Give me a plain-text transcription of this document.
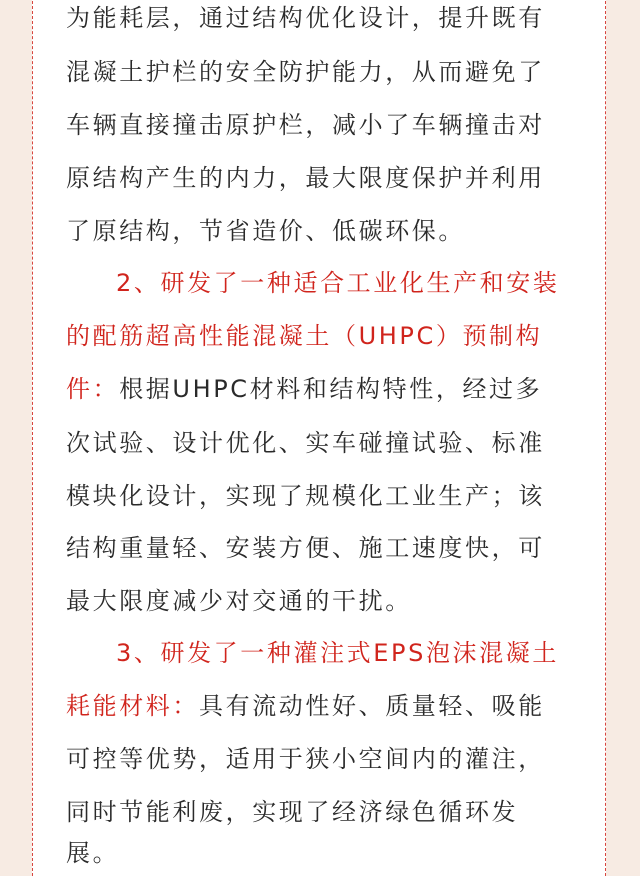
为能耗层，通过结构优化设计，提升既有
混凝土护栏的安全防护能力，从而避免了
车辆直接撞击原护栏，减小了车辆撞击对
原结构产生的内力，最大限度保护并利用
了原结构，节省造价、低碳环保。
2、研发了一种适合工业化生产和安装
的配筋超高性能混凝土（UHPC）预制构
件：根据UHPC材料和结构特性，经过多
次试验、设计优化、实车碰撞试验、标准
模块化设计，实现了规模化工业生产；该
结构重量轻、安装方便、施工速度快，可
最大限度减少对交通的干扰。
3、研发了一种灌注式EPS泡沫混凝土
耗能材料：具有流动性好、质量轻、吸能
可控等优势，适用于狭小空间内的灌注，
同时节能利废，实现了经济绿色循环发
展。
